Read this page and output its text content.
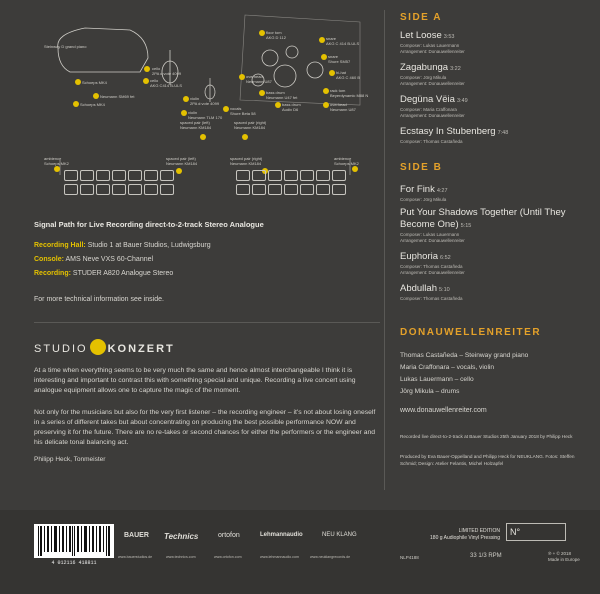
Steinway D grand piano
Schoeps MK4
Neumann SM69 fet
Schoeps MK4
cello
2PA d:vote 4099
cello
AKG C414 B-ULS
violin
2PA d:vote 4099
violin
Neumann TLM 170
vocals
Shure Beta 58
floor tom
AKG D 112
overhead
Neumann U87
snare
AKG C 414 B-ULS
snare
Shure SM57
hi-hat
AKG C 460 B
bass drum
Neumann U47 fet
rack tom
Beyerdynamic M88 N
bass drum
Audix D6
overhead
Neumann U87
spaced pair (left)
Neumann KM184
spaced pair (right)
Neumann KM184
ambience
Schoeps MK2
spaced pair (left)
Neumann KM184
spaced pair (right)
Neumann KM184
ambience
Schoeps MK2
Signal Path for Live Recording direct-to-2-track Stereo Analogue
Recording Hall: Studio 1 at Bauer Studios, Ludwigsburg
Console: AMS Neve VXS 60-Channel
Recording: STUDER A820 Analogue Stereo
For more technical information see inside.
STUDIO KONZERT
At a time when everything seems to be very much the same and hence almost interchangeable I think it is interesting and important to contrast this with something special and unique. Recording a live concert using analogue equipment allows one to capture the magic of the moment.
Not only for the musicians but also for the very first listener – the recording engineer – it's not about losing oneself in a series of different takes but about concentrating on producing the best possible performance NOW and preserving it for the future. There are no re-takes or second chances for either the performers or the engineer and his delicate tonal balancing act.
Philipp Heck, Tonmeister
SIDE A
Let Loose 3:53
Composer: Lukas Lauermann
Arrangement: Donauwellenreiter
Zagabunga 3:22
Composer: Jörg Mikula
Arrangement: Donauwellenreiter
Degüna Vëia 3:49
Composer: Maria Craffonara
Arrangement: Donauwellenreiter
Ecstasy In Stubenberg 7:48
Composer: Thomas Castañeda
SIDE B
For Fink 4:27
Composer: Jörg Mikula
Put Your Shadows Together (Until They Become One) 5:15
Composer: Lukas Lauermann
Arrangement: Donauwellenreiter
Euphoria 6:52
Composer: Thomas Castañeda
Arrangement: Donauwellenreiter
Abdullah 5:10
Composer: Thomas Castañeda
DONAUWELLENREITER
Thomas Castañeda – Steinway grand piano
Maria Craffonara – vocals, violin
Lukas Lauermann – cello
Jörg Mikula – drums
www.donauwellenreiter.com
Recorded live direct-to-2-track at Bauer Studios 25th January 2018 by Philipp Heck
Produced by Eva Bauer-Oppelland and Philipp Heck for NEUKLANG. Fotos: Steffen Schmid; Design: Atelier Felantis, Michel Holzapfel
4 012116 418811
BAUER
www.bauerstudios.de
Technics
www.technics.com
ortofon
www.ortofon.com
Lehmannaudio
www.lehmannaudio.com
NEU KLANG
www.neuklangrecords.de
LIMITED EDITION
180 g Audiophile Vinyl Pressing
N°
NLP4188	33 1/3 RPM	℗ + © 2018
Made in Europe
